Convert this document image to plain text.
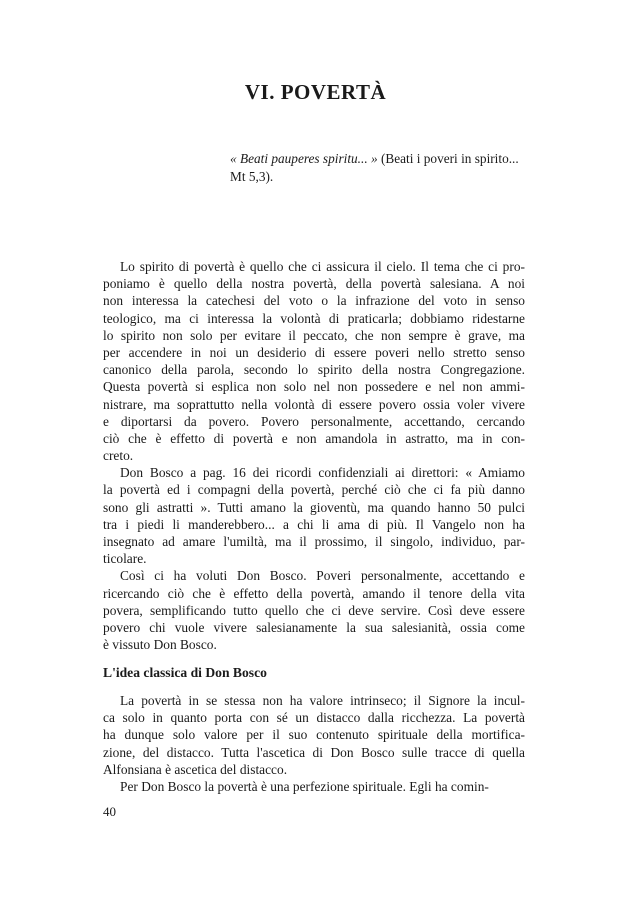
VI. POVERTÀ
« Beati pauperes spiritu... » (Beati i poveri in spirito...
Mt 5,3).
Lo spirito di povertà è quello che ci assicura il cielo. Il tema che ci pro-
poniamo è quello della nostra povertà, della povertà salesiana. A noi
non interessa la catechesi del voto o la infrazione del voto in senso
teologico, ma ci interessa la volontà di praticarla; dobbiamo ridestarne
lo spirito non solo per evitare il peccato, che non sempre è grave, ma
per accendere in noi un desiderio di essere poveri nello stretto senso
canonico della parola, secondo lo spirito della nostra Congregazione.
Questa povertà si esplica non solo nel non possedere e nel non ammi-
nistrare, ma soprattutto nella volontà di essere povero ossia voler vivere
e diportarsi da povero. Povero personalmente, accettando, cercando
ciò che è effetto di povertà e non amandola in astratto, ma in con-
creto.
Don Bosco a pag. 16 dei ricordi confidenziali ai direttori: « Amiamo
la povertà ed i compagni della povertà, perché ciò che ci fa più danno
sono gli astratti ». Tutti amano la gioventù, ma quando hanno 50 pulci
tra i piedi li manderebbero... a chi li ama di più. Il Vangelo non ha
insegnato ad amare l'umiltà, ma il prossimo, il singolo, individuo, par-
ticolare.
Così ci ha voluti Don Bosco. Poveri personalmente, accettando e
ricercando ciò che è effetto della povertà, amando il tenore della vita
povera, semplificando tutto quello che ci deve servire. Così deve essere
povero chi vuole vivere salesianamente la sua salesianità, ossia come
è vissuto Don Bosco.
L'idea classica di Don Bosco
La povertà in se stessa non ha valore intrinseco; il Signore la incul-
ca solo in quanto porta con sé un distacco dalla ricchezza. La povertà
ha dunque solo valore per il suo contenuto spirituale della mortifica-
zione, del distacco. Tutta l'ascetica di Don Bosco sulle tracce di quella
Alfonsiana è ascetica del distacco.
Per Don Bosco la povertà è una perfezione spirituale. Egli ha comin-
40
